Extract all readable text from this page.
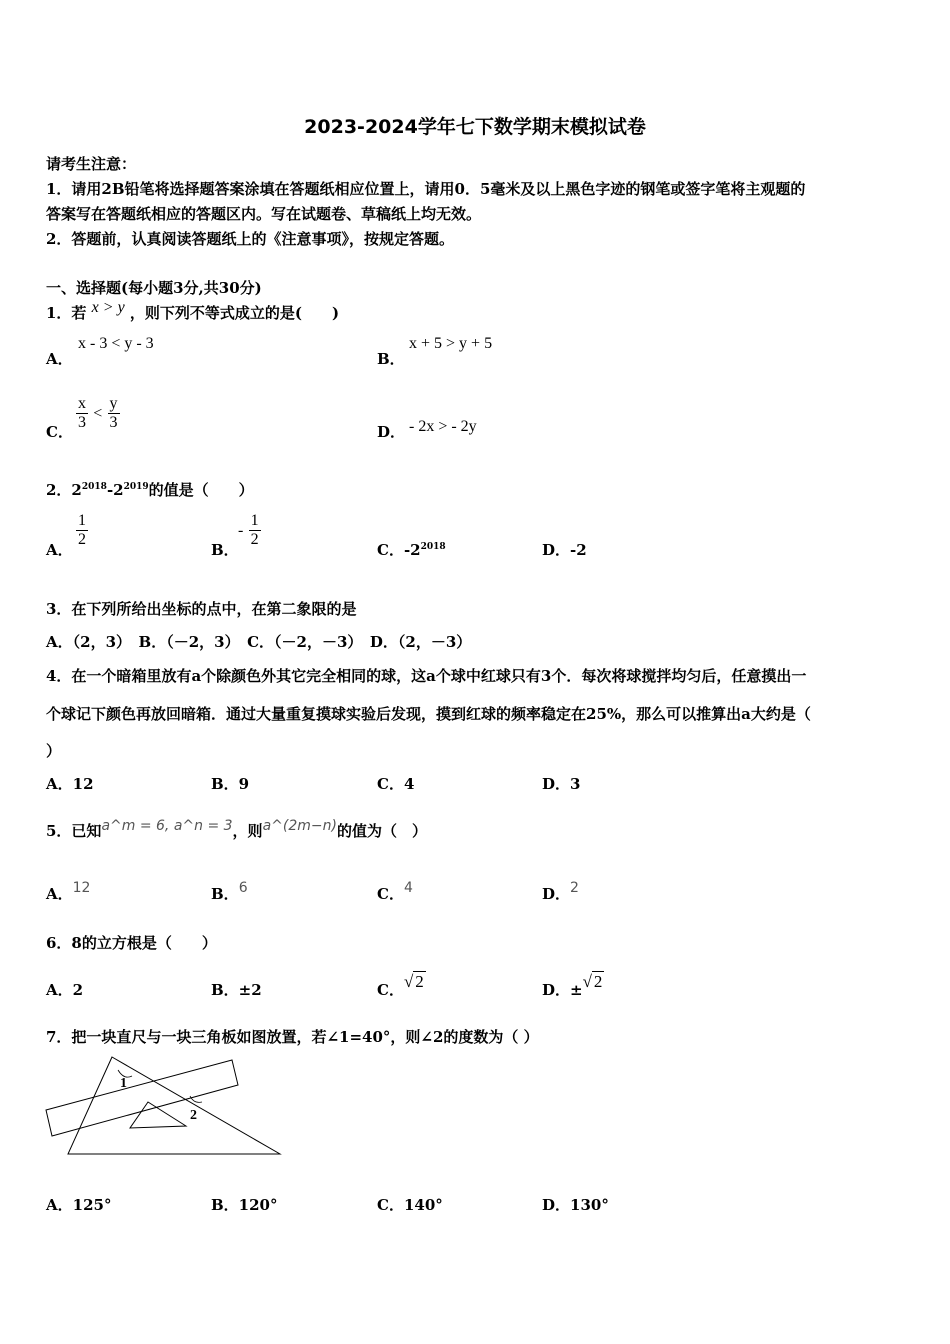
2023-2024学年七下数学期末模拟试卷
请考生注意：
1．请用2B铅笔将选择题答案涂填在答题纸相应位置上，请用0．5毫米及以上黑色字迹的钢笔或签字笔将主观题的
答案写在答题纸相应的答题区内。写在试题卷、草稿纸上均无效。
2．答题前，认真阅读答题纸上的《注意事项》，按规定答题。
一、选择题(每小题3分,共30分)
1．若 x > y ，则下列不等式成立的是(　　)
A．
x - 3 < y - 3
B．
x + 5 > y + 5
C． $\frac{x}{3} < \frac{y}{3}$	D． - 2x > - 2y
2．$2^{2018}-2^{2019}$的值是（　　）
A．
$\frac{1}{2}$
B．
- $\frac{1}{2}$
C．$-2^{2018}$	D．-2
3．在下列所给出坐标的点中，在第二象限的是
A．（2，3）　B．（－2，3）　C．（－2，－3）　D．（2，－3）
4．在一个暗箱里放有a个除颜色外其它完全相同的球，这a个球中红球只有3个．每次将球搅拌均匀后，任意摸出一
个球记下颜色再放回暗箱．通过大量重复摸球实验后发现，摸到红球的频率稳定在25%，那么可以推算出a大约是（
）
A．12	B．9	C．4	D．3
5．已知a^m = 6, a^n = 3，则a^(2m−n)的值为（　）
A．12	B．6	C．4	D．2
6．8的立方根是（　　）
A．2	B．±2	C．√ 2	D．±√ 2
7．把一块直尺与一块三角板如图放置，若∠1=40°，则∠2的度数为（ ）
1
2
A．125°	B．120°	C．140°	D．130°
